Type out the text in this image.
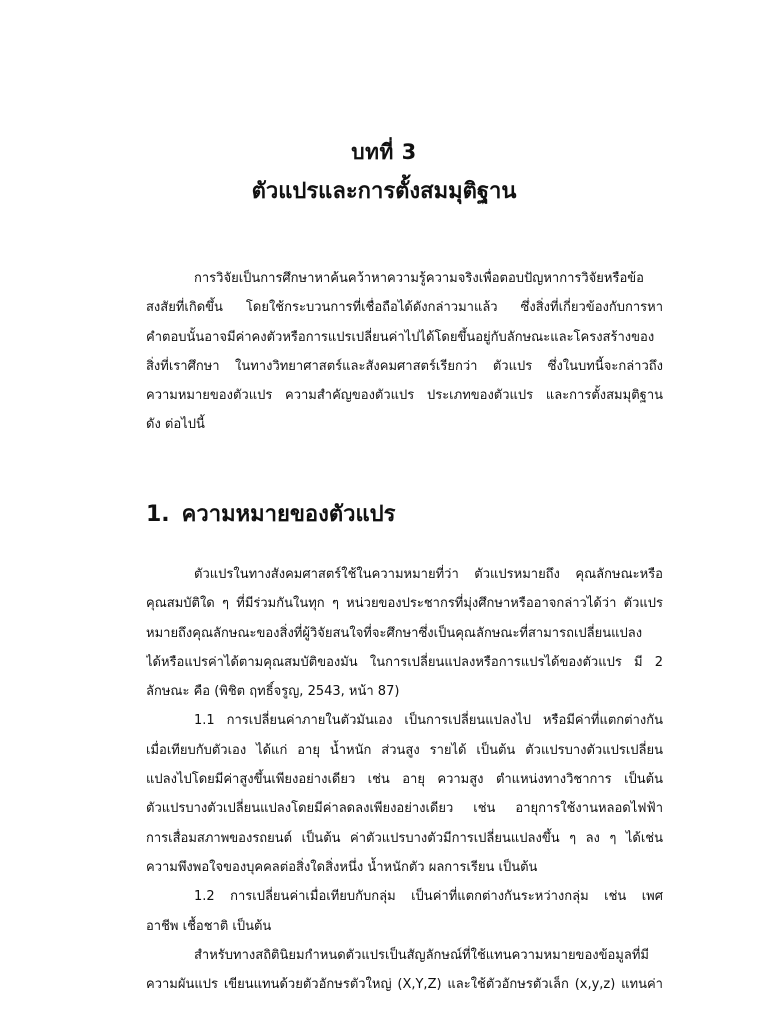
บทที่ 3
ตัวแปรและการตั้งสมมุติฐาน
การวิจัยเป็นการศึกษาหาค้นคว้าหาความรู้ความจริงเพื่อตอบปัญหาการวิจัยหรือข้อ
สงสัยที่เกิดขึ้น โดยใช้กระบวนการที่เชื่อถือได้ดังกล่าวมาแล้ว ซึ่งสิ่งที่เกี่ยวข้องกับการหา
คำตอบนั้นอาจมีค่าคงตัวหรือการแปรเปลี่ยนค่าไปได้โดยขึ้นอยู่กับลักษณะและโครงสร้างของ
สิ่งที่เราศึกษา ในทางวิทยาศาสตร์และสังคมศาสตร์เรียกว่า ตัวแปร ซึ่งในบทนี้จะกล่าวถึง
ความหมายของตัวแปร ความสำคัญของตัวแปร ประเภทของตัวแปร และการตั้งสมมุติฐาน
ดัง ต่อไปนี้
1. ความหมายของตัวแปร
ตัวแปรในทางสังคมศาสตร์ใช้ในความหมายที่ว่า ตัวแปรหมายถึง คุณลักษณะหรือ
คุณสมบัติใด ๆ ที่มีร่วมกันในทุก ๆ หน่วยของประชากรที่มุ่งศึกษาหรืออาจกล่าวได้ว่า ตัวแปร
หมายถึงคุณลักษณะของสิ่งที่ผู้วิจัยสนใจที่จะศึกษาซึ่งเป็นคุณลักษณะที่สามารถเปลี่ยนแปลง
ได้หรือแปรค่าได้ตามคุณสมบัติของมัน ในการเปลี่ยนแปลงหรือการแปรได้ของตัวแปร มี 2
ลักษณะ คือ (พิชิต ฤทธิ์จรูญ, 2543, หน้า 87)
1.1 การเปลี่ยนค่าภายในตัวมันเอง เป็นการเปลี่ยนแปลงไป หรือมีค่าที่แตกต่างกัน
เมื่อเทียบกับตัวเอง ได้แก่ อายุ น้ำหนัก ส่วนสูง รายได้ เป็นต้น ตัวแปรบางตัวแปรเปลี่ยน
แปลงไปโดยมีค่าสูงขึ้นเพียงอย่างเดียว เช่น อายุ ความสูง ตำแหน่งทางวิชาการ เป็นต้น
ตัวแปรบางตัวเปลี่ยนแปลงโดยมีค่าลดลงเพียงอย่างเดียว เช่น อายุการใช้งานหลอดไฟฟ้า
การเสื่อมสภาพของรถยนต์ เป็นต้น ค่าตัวแปรบางตัวมีการเปลี่ยนแปลงขึ้น ๆ ลง ๆ ได้เช่น
ความพึงพอใจของบุคคลต่อสิ่งใดสิ่งหนึ่ง น้ำหนักตัว ผลการเรียน เป็นต้น
1.2 การเปลี่ยนค่าเมื่อเทียบกับกลุ่ม เป็นค่าที่แตกต่างกันระหว่างกลุ่ม เช่น เพศ
อาชีพ เชื้อชาติ เป็นต้น
สำหรับทางสถิตินิยมกำหนดตัวแปรเป็นสัญลักษณ์ที่ใช้แทนความหมายของข้อมูลที่มี
ความผันแปร เขียนแทนด้วยตัวอักษรตัวใหญ่ (X,Y,Z) และใช้ตัวอักษรตัวเล็ก (x,y,z) แทนค่า
